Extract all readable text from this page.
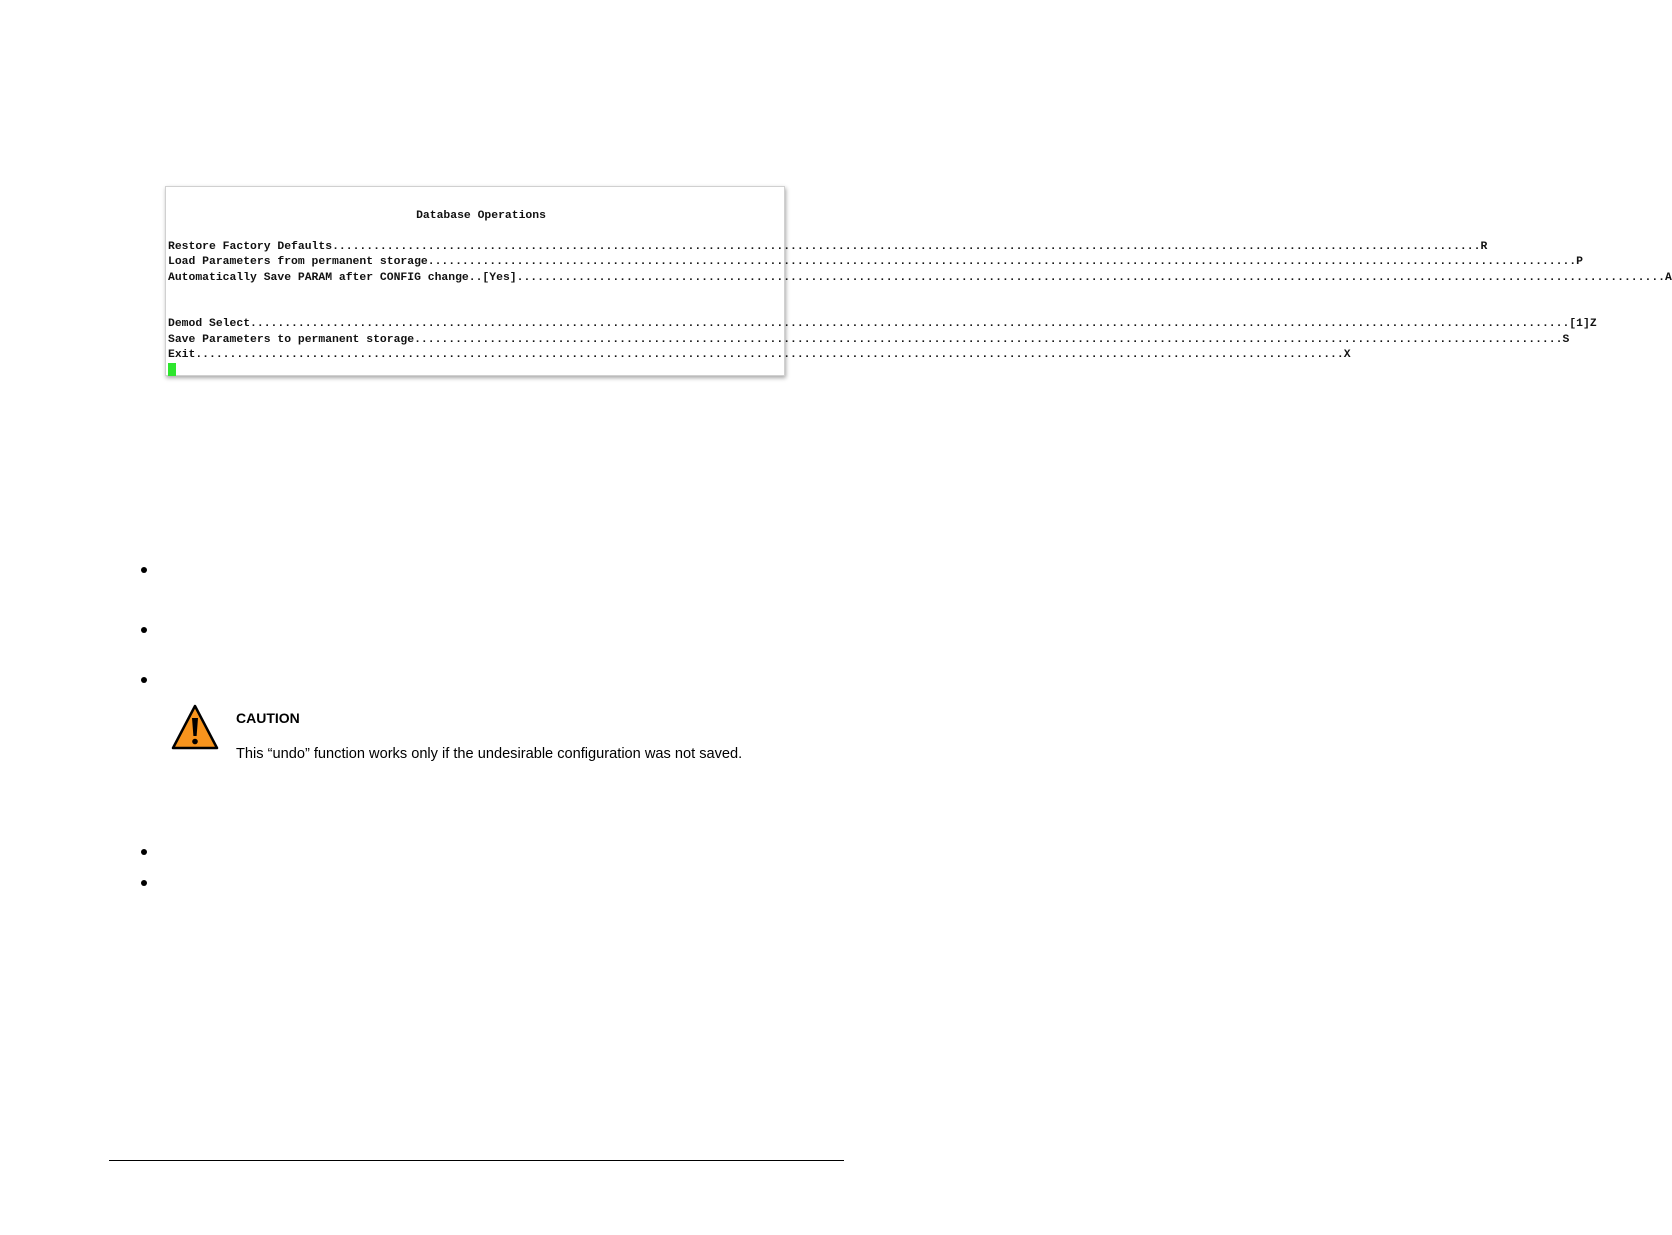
Database Operations
Restore Factory Defaults .....	R
Load Parameters from permanent storage .....	P
Automatically Save PARAM after CONFIG change..[Yes] .....	A
Demod Select ......................... .....	[1] Z
Save Parameters to permanent storage .....	S
Exit .....	X
CAUTION
This “undo” function works only if the undesirable configuration was not saved.
